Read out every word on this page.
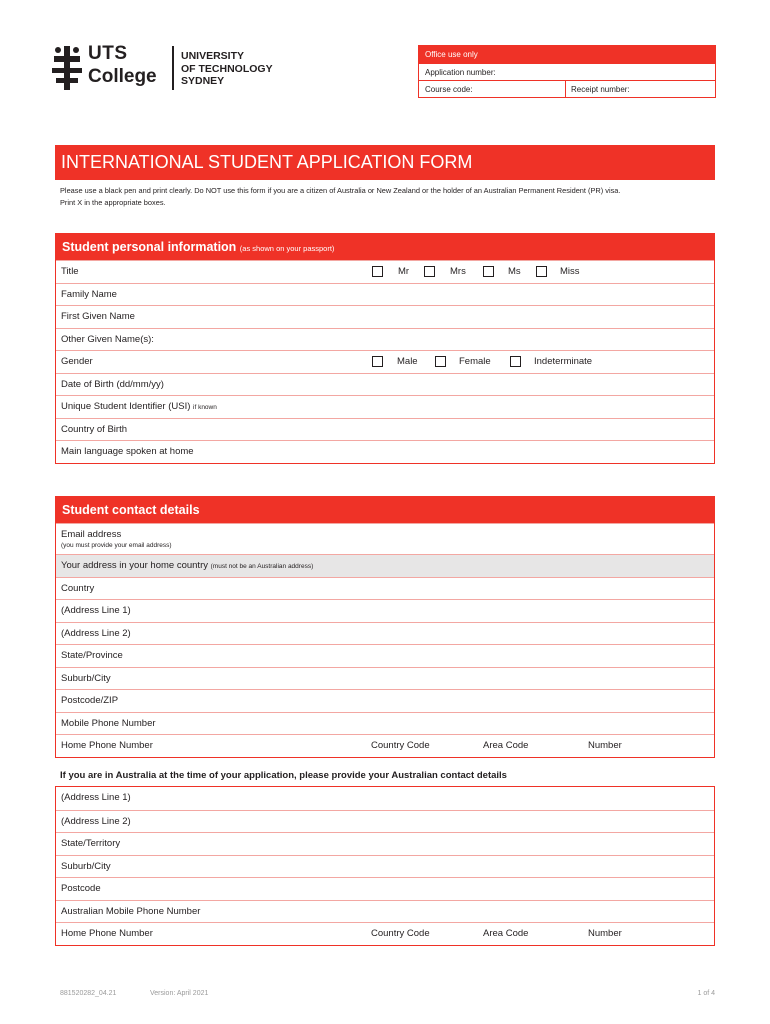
UTS
College
UNIVERSITY
OF TECHNOLOGY
SYDNEY
Office use only
Application number:
Course code:	Receipt number:
INTERNATIONAL STUDENT APPLICATION FORM
Please use a black pen and print clearly. Do NOT use this form if you are a citizen of Australia or New Zealand or the holder of an Australian Permanent Resident (PR) visa.
Print X in the appropriate boxes.
Student personal information (as shown on your passport)
Title	Mr	Mrs	Ms	Miss
Family Name
First Given Name
Other Given Name(s):
Gender	Male	Female	Indeterminate
Date of Birth (dd/mm/yy)
Unique Student Identifier (USI) if known
Country of Birth
Main language spoken at home
Student contact details
Email address
(you must provide your email address)
Your address in your home country (must not be an Australian address)
Country
(Address Line 1)
(Address Line 2)
State/Province
Suburb/City
Postcode/ZIP
Mobile Phone Number
Home Phone Number	Country Code	Area Code	Number
If you are in Australia at the time of your application, please provide your Australian contact details
(Address Line 1)
(Address Line 2)
State/Territory
Suburb/City
Postcode
Australian Mobile Phone Number
Home Phone Number	Country Code	Area Code	Number
881520282_04.21	Version: April 2021	1 of 4
